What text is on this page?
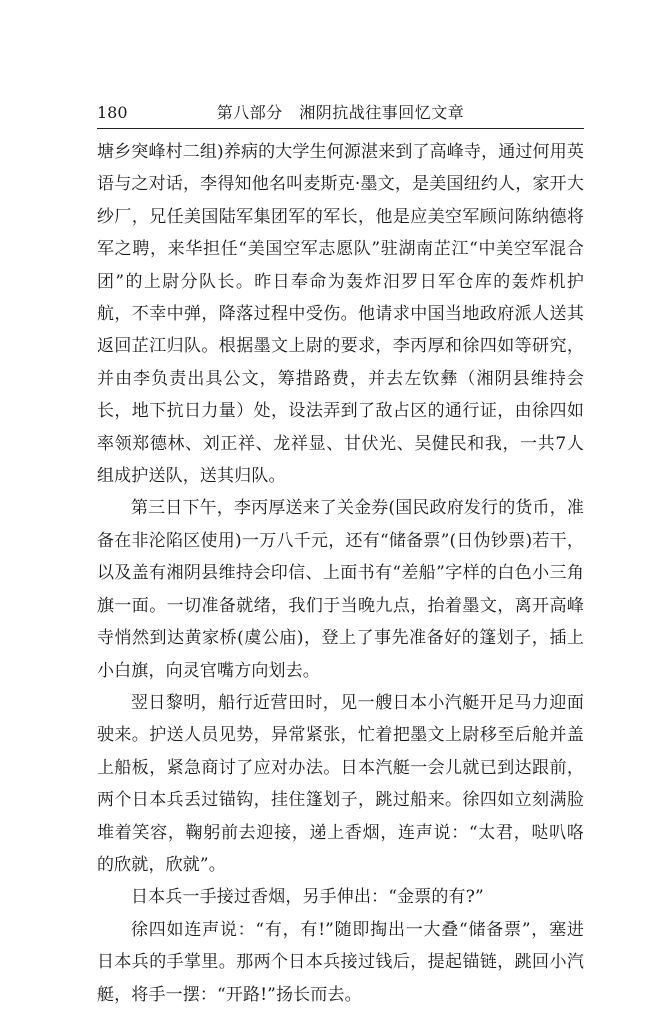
180	第八部分　湘阴抗战往事回忆文章

塘乡突峰村二组)养病的大学生何源湛来到了高峰寺，通过何用英语与之对话，李得知他名叫麦斯克·墨文，是美国纽约人，家开大纱厂，兄任美国陆军集团军的军长，他是应美空军顾问陈纳德将军之聘，来华担任“美国空军志愿队”驻湖南芷江“中美空军混合团”的上尉分队长。昨日奉命为轰炸汨罗日军仓库的轰炸机护航，不幸中弹，降落过程中受伤。他请求中国当地政府派人送其返回芷江归队。根据墨文上尉的要求，李丙厚和徐四如等研究，并由李负责出具公文，筹措路费，并去左钦彝（湘阴县维持会长，地下抗日力量）处，设法弄到了敌占区的通行证，由徐四如率领郑德林、刘正祥、龙祥显、甘伏光、吴健民和我，一共7人组成护送队，送其归队。

第三日下午，李丙厚送来了关金券(国民政府发行的货币，准备在非沦陷区使用)一万八千元，还有“储备票”(日伪钞票)若干，以及盖有湘阴县维持会印信、上面书有“差船”字样的白色小三角旗一面。一切准备就绪，我们于当晚九点，抬着墨文，离开高峰寺悄然到达黄家桥(虞公庙)，登上了事先准备好的篷划子，插上小白旗，向灵官嘴方向划去。

翌日黎明，船行近营田时，见一艘日本小汽艇开足马力迎面驶来。护送人员见势，异常紧张，忙着把墨文上尉移至后舱并盖上船板，紧急商讨了应对办法。日本汽艇一会儿就已到达跟前，两个日本兵丢过锚钩，挂住篷划子，跳过船来。徐四如立刻满脸堆着笑容，鞠躬前去迎接，递上香烟，连声说：“太君，哒叭咯的欣就，欣就”。

日本兵一手接过香烟，另手伸出：“金票的有?”

徐四如连声说：“有，有!”随即掏出一大叠“储备票”，塞进日本兵的手掌里。那两个日本兵接过钱后，提起锚链，跳回小汽艇，将手一摆：“开路!”扬长而去。
